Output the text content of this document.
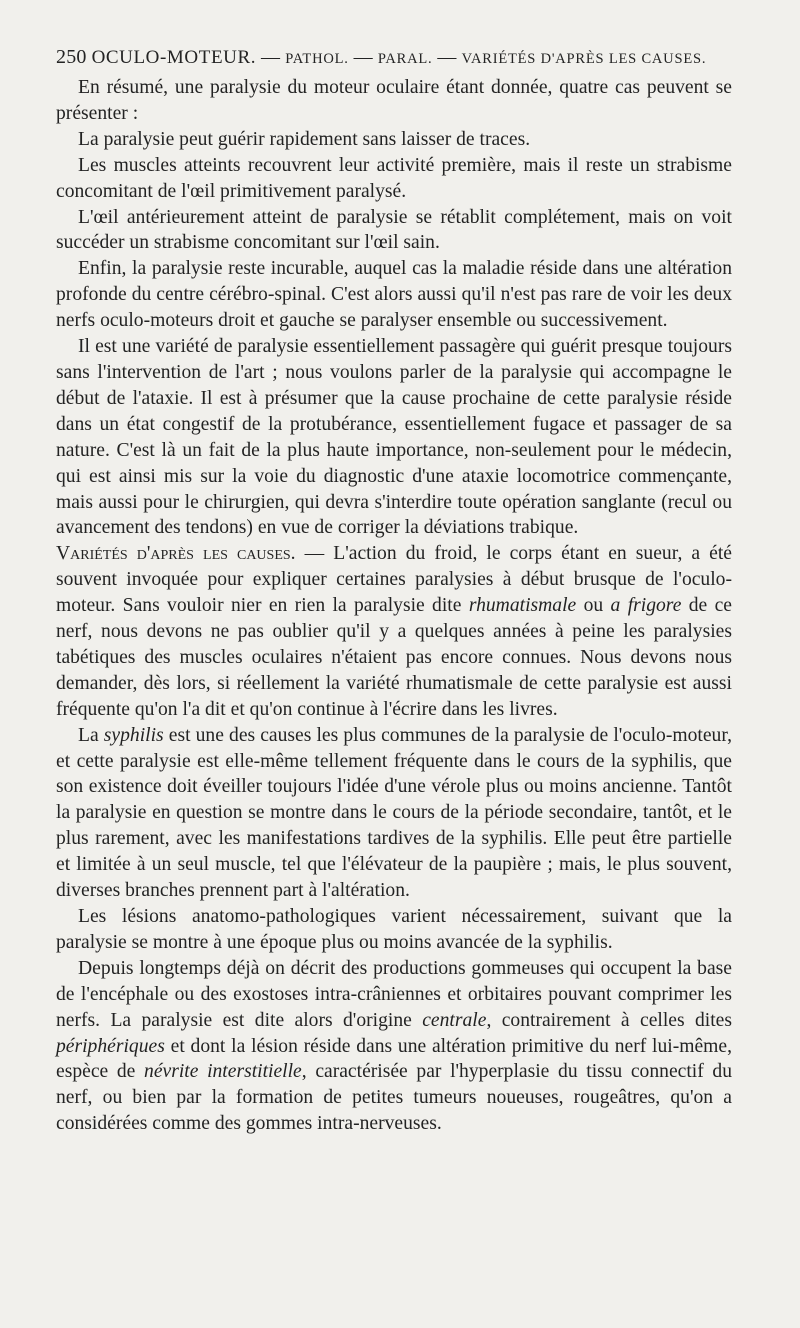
250 OCULO-MOTEUR. — PATHOL. — PARAL. — VARIÉTÉS D'APRÈS LES CAUSES.

En résumé, une paralysie du moteur oculaire étant donnée, quatre cas peuvent se présenter :

La paralysie peut guérir rapidement sans laisser de traces.

Les muscles atteints recouvrent leur activité première, mais il reste un strabisme concomitant de l'œil primitivement paralysé.

L'œil antérieurement atteint de paralysie se rétablit complétement, mais on voit succéder un strabisme concomitant sur l'œil sain.

Enfin, la paralysie reste incurable, auquel cas la maladie réside dans une altération profonde du centre cérébro-spinal. C'est alors aussi qu'il n'est pas rare de voir les deux nerfs oculo-moteurs droit et gauche se paralyser ensemble ou successivement.

Il est une variété de paralysie essentiellement passagère qui guérit presque toujours sans l'intervention de l'art ; nous voulons parler de la paralysie qui accompagne le début de l'ataxie. Il est à présumer que la cause prochaine de cette paralysie réside dans un état congestif de la protubérance, essentiellement fugace et passager de sa nature. C'est là un fait de la plus haute importance, non-seulement pour le médecin, qui est ainsi mis sur la voie du diagnostic d'une ataxie locomotrice commençante, mais aussi pour le chirurgien, qui devra s'interdire toute opération sanglante (recul ou avancement des tendons) en vue de corriger la déviations trabique.

Variétés d'après les causes. — L'action du froid, le corps étant en sueur, a été souvent invoquée pour expliquer certaines paralysies à début brusque de l'oculo-moteur. Sans vouloir nier en rien la paralysie dite rhumatismale ou a frigore de ce nerf, nous devons ne pas oublier qu'il y a quelques années à peine les paralysies tabétiques des muscles oculaires n'étaient pas encore connues. Nous devons nous demander, dès lors, si réellement la variété rhumatismale de cette paralysie est aussi fréquente qu'on l'a dit et qu'on continue à l'écrire dans les livres.

La syphilis est une des causes les plus communes de la paralysie de l'oculo-moteur, et cette paralysie est elle-même tellement fréquente dans le cours de la syphilis, que son existence doit éveiller toujours l'idée d'une vérole plus ou moins ancienne. Tantôt la paralysie en question se montre dans le cours de la période secondaire, tantôt, et le plus rarement, avec les manifestations tardives de la syphilis. Elle peut être partielle et limitée à un seul muscle, tel que l'élévateur de la paupière ; mais, le plus souvent, diverses branches prennent part à l'altération.

Les lésions anatomo-pathologiques varient nécessairement, suivant que la paralysie se montre à une époque plus ou moins avancée de la syphilis.

Depuis longtemps déjà on décrit des productions gommeuses qui occupent la base de l'encéphale ou des exostoses intra-crâniennes et orbitaires pouvant comprimer les nerfs. La paralysie est dite alors d'origine centrale, contrairement à celles dites périphériques et dont la lésion réside dans une altération primitive du nerf lui-même, espèce de névrite interstitielle, caractérisée par l'hyperplasie du tissu connectif du nerf, ou bien par la formation de petites tumeurs noueuses, rougeâtres, qu'on a considérées comme des gommes intra-nerveuses.
